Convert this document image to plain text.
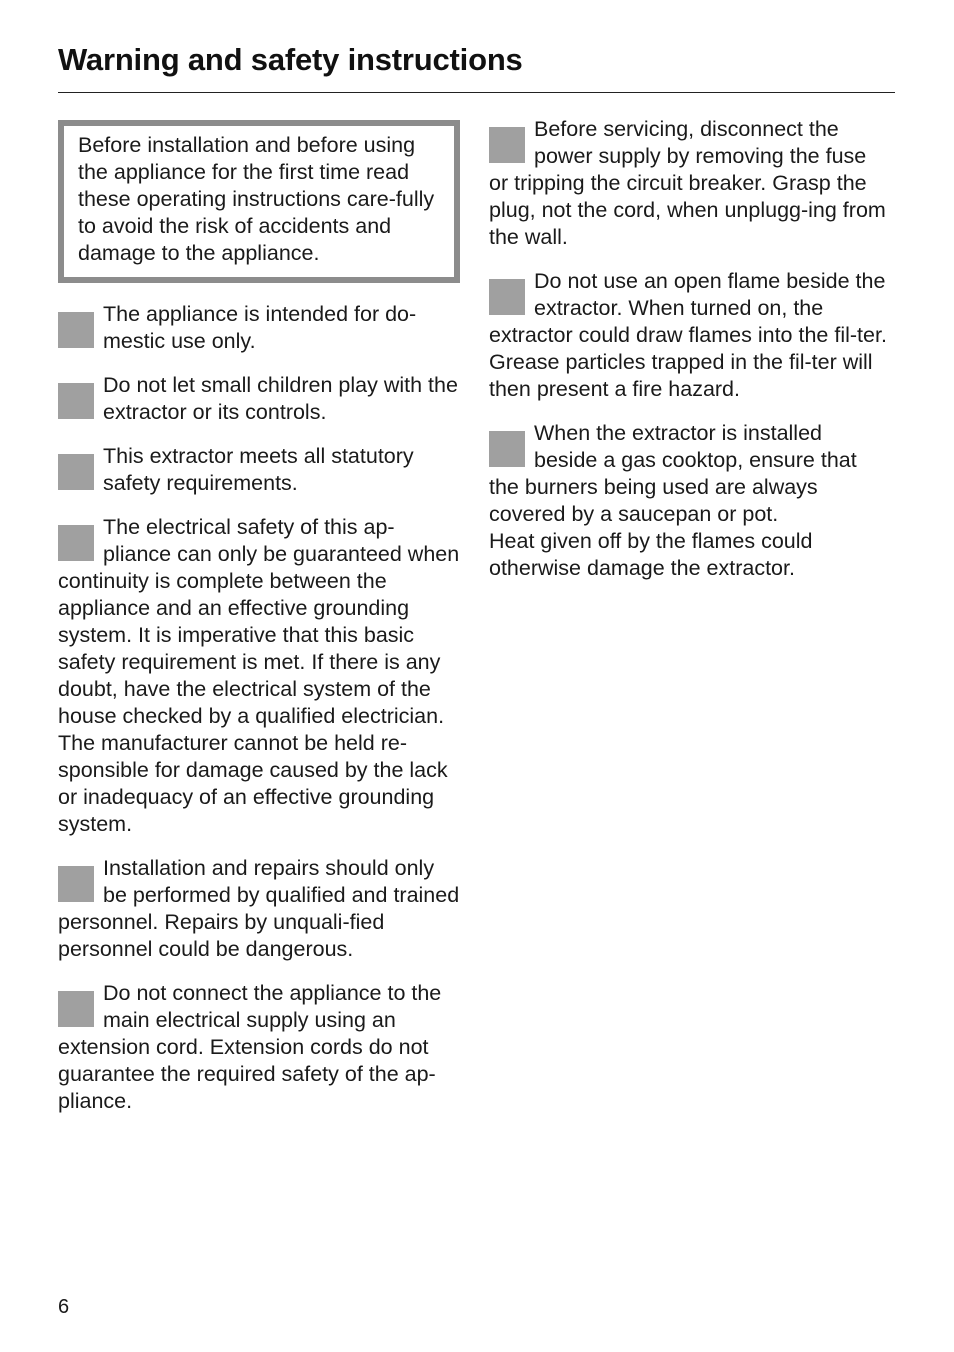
Warning and safety instructions

Before installation and before using the appliance for the first time read these operating instructions care-fully to avoid the risk of accidents and damage to the appliance.

The appliance is intended for do-mestic use only.

Do not let small children play with the extractor or its controls.

This extractor meets all statutory safety requirements.

The electrical safety of this ap-pliance can only be guaranteed when continuity is complete between the appliance and an effective grounding system. It is imperative that this basic safety requirement is met. If there is any doubt, have the electrical system of the house checked by a qualified electrician.

The manufacturer cannot be held re-sponsible for damage caused by the lack or inadequacy of an effective grounding system.

Installation and repairs should only be performed by qualified and trained personnel. Repairs by unquali-fied personnel could be dangerous.

Do not connect the appliance to the main electrical supply using an extension cord. Extension cords do not guarantee the required safety of the ap-pliance.

Before servicing, disconnect the power supply by removing the fuse or tripping the circuit breaker. Grasp the plug, not the cord, when unplugg-ing from the wall.

Do not use an open flame beside the extractor. When turned on, the extractor could draw flames into the fil-ter. Grease particles trapped in the fil-ter will then present a fire hazard.

When the extractor is installed beside a gas cooktop, ensure that the burners being used are always covered by a saucepan or pot.

Heat given off by the flames could otherwise damage the extractor.

6
